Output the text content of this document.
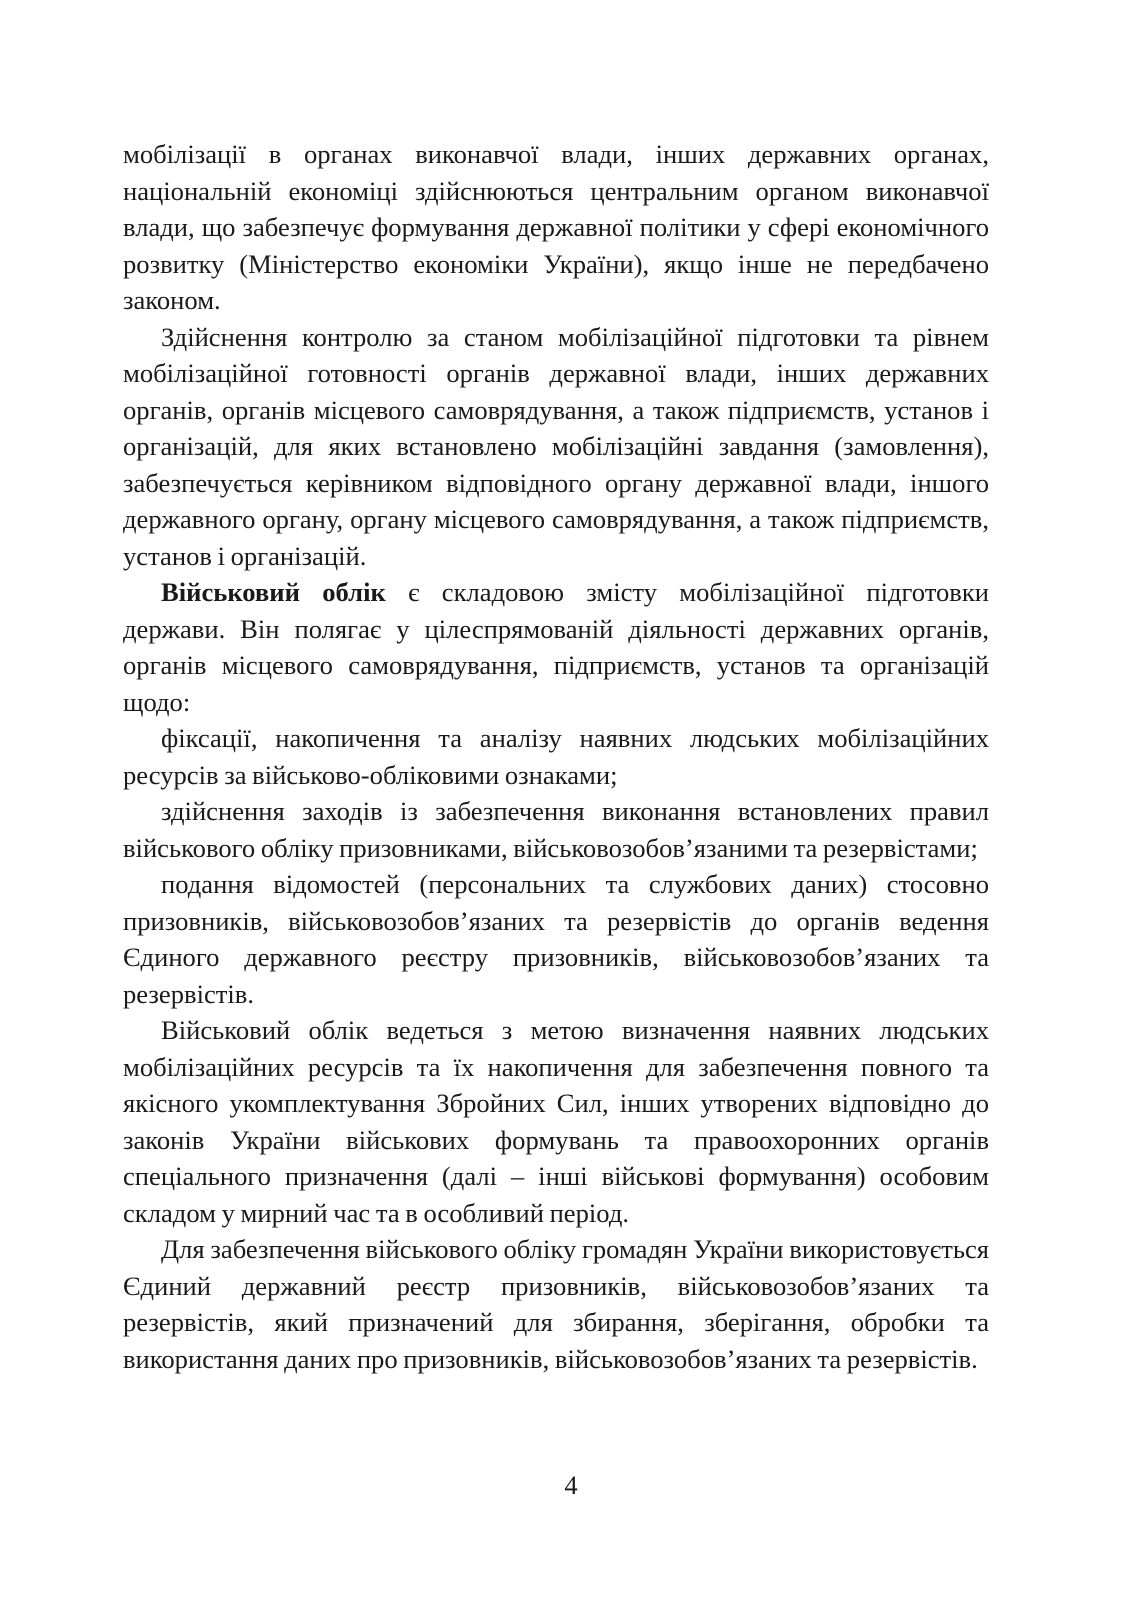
мобілізації в органах виконавчої влади, інших державних органах, національній економіці здійснюються центральним органом виконавчої влади, що забезпечує формування державної політики у сфері економічного розвитку (Міністерство економіки України), якщо інше не передбачено законом.

Здійснення контролю за станом мобілізаційної підготовки та рівнем мобілізаційної готовності органів державної влади, інших державних органів, органів місцевого самоврядування, а також підприємств, установ і організацій, для яких встановлено мобілізаційні завдання (замовлення), забезпечується керівником відповідного органу державної влади, іншого державного органу, органу місцевого самоврядування, а також підприємств, установ і організацій.

Військовий облік є складовою змісту мобілізаційної підготовки держави. Він полягає у цілеспрямованій діяльності державних органів, органів місцевого самоврядування, підприємств, установ та організацій щодо:

фіксації, накопичення та аналізу наявних людських мобілізаційних ресурсів за військово-обліковими ознаками;

здійснення заходів із забезпечення виконання встановлених правил військового обліку призовниками, військовозобов’язаними та резервістами;

подання відомостей (персональних та службових даних) стосовно призовників, військовозобов’язаних та резервістів до органів ведення Єдиного державного реєстру призовників, військовозобов’язаних та резервістів.

Військовий облік ведеться з метою визначення наявних людських мобілізаційних ресурсів та їх накопичення для забезпечення повного та якісного укомплектування Збройних Сил, інших утворених відповідно до законів України військових формувань та правоохоронних органів спеціального призначення (далі – інші військові формування) особовим складом у мирний час та в особливий період.

Для забезпечення військового обліку громадян України використовується Єдиний державний реєстр призовників, військовозобов’язаних та резервістів, який призначений для збирання, зберігання, обробки та використання даних про призовників, військовозобов’язаних та резервістів.

4
